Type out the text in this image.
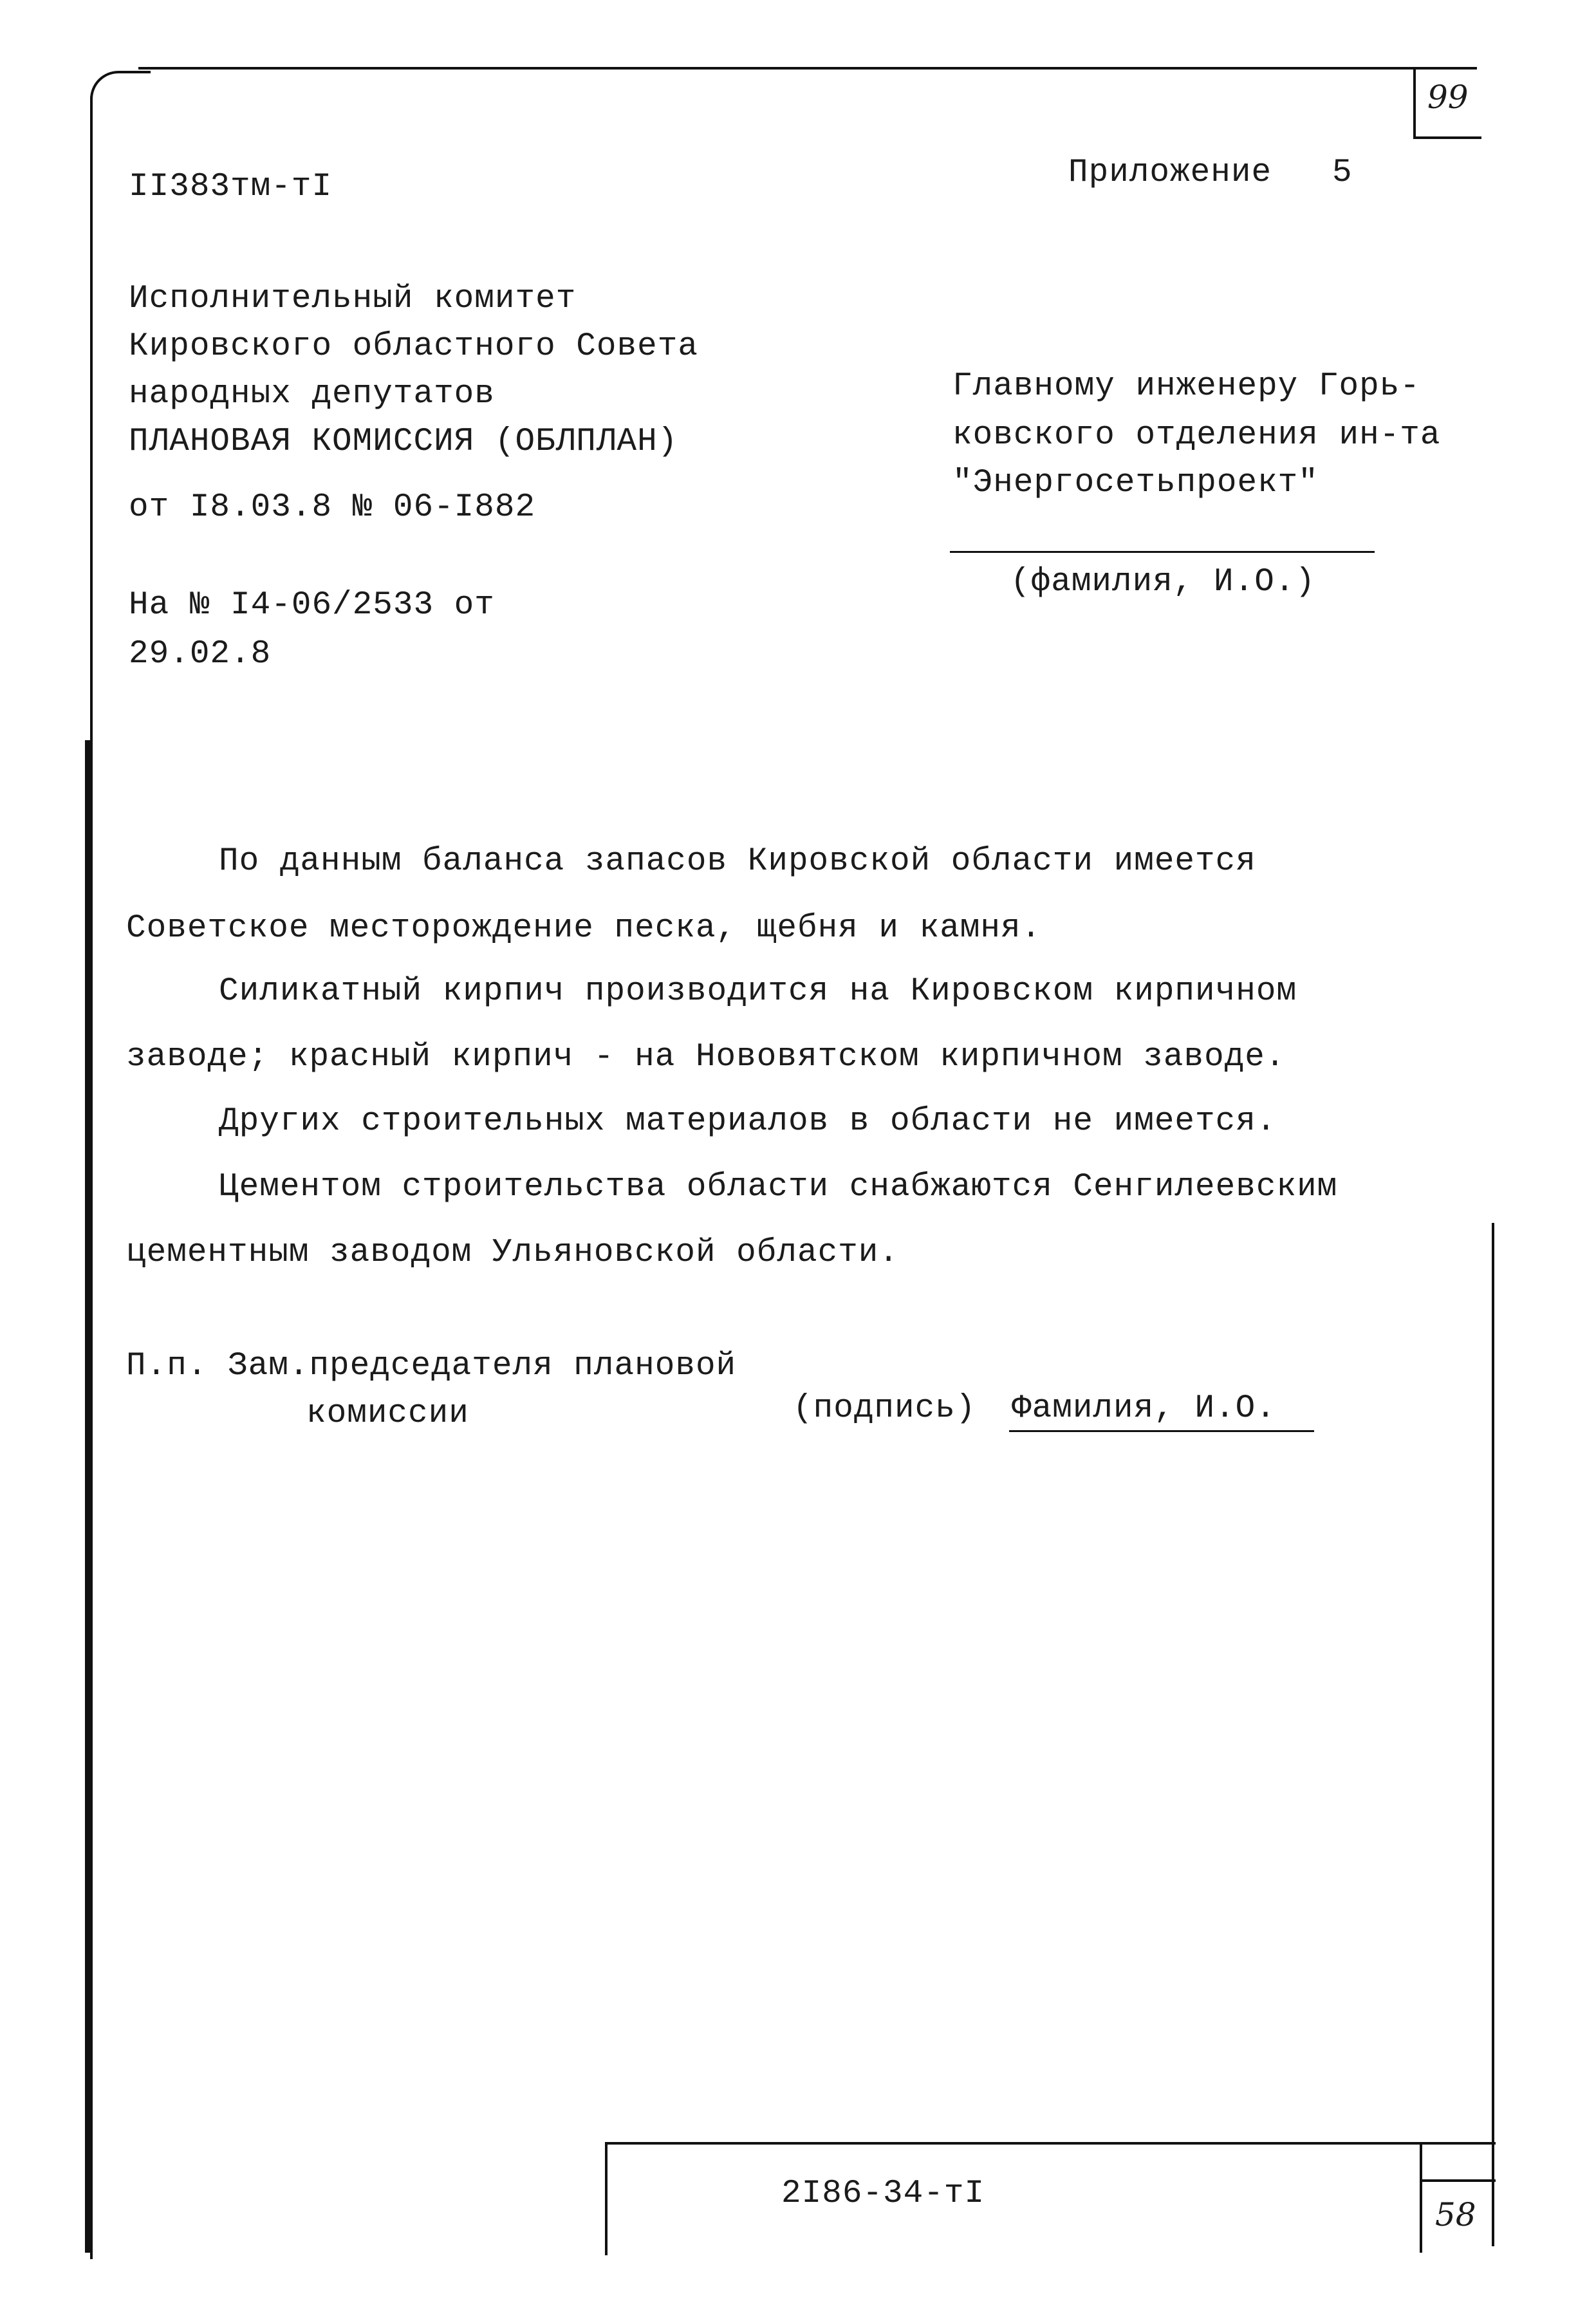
99
II383тм-тI	Приложение 5
Исполнительный комитет
Кировского областного Совета
народных депутатов
ПЛАНОВАЯ КОМИССИЯ (ОБЛПЛАН)
от I8.03.8 № 06-I882
На № I4-06/2533 от
29.02.8
Главному инженеру Горь-
ковского отделения ин-та
"Энергосетьпроект"
(фамилия, И.О.)
По данным баланса запасов Кировской области имеется
Советское месторождение песка, щебня и камня.
Силикатный кирпич производится на Кировском кирпичном
заводе; красный кирпич - на Нововятском кирпичном заводе.
Других строительных материалов в области не имеется.
Цементом строительства области снабжаются Сенгилеевским
цементным заводом Ульяновской области.
П.п. Зам.председателя плановой
комиссии	(подпись) Фамилия, И.О.
2I86-34-тI
58
